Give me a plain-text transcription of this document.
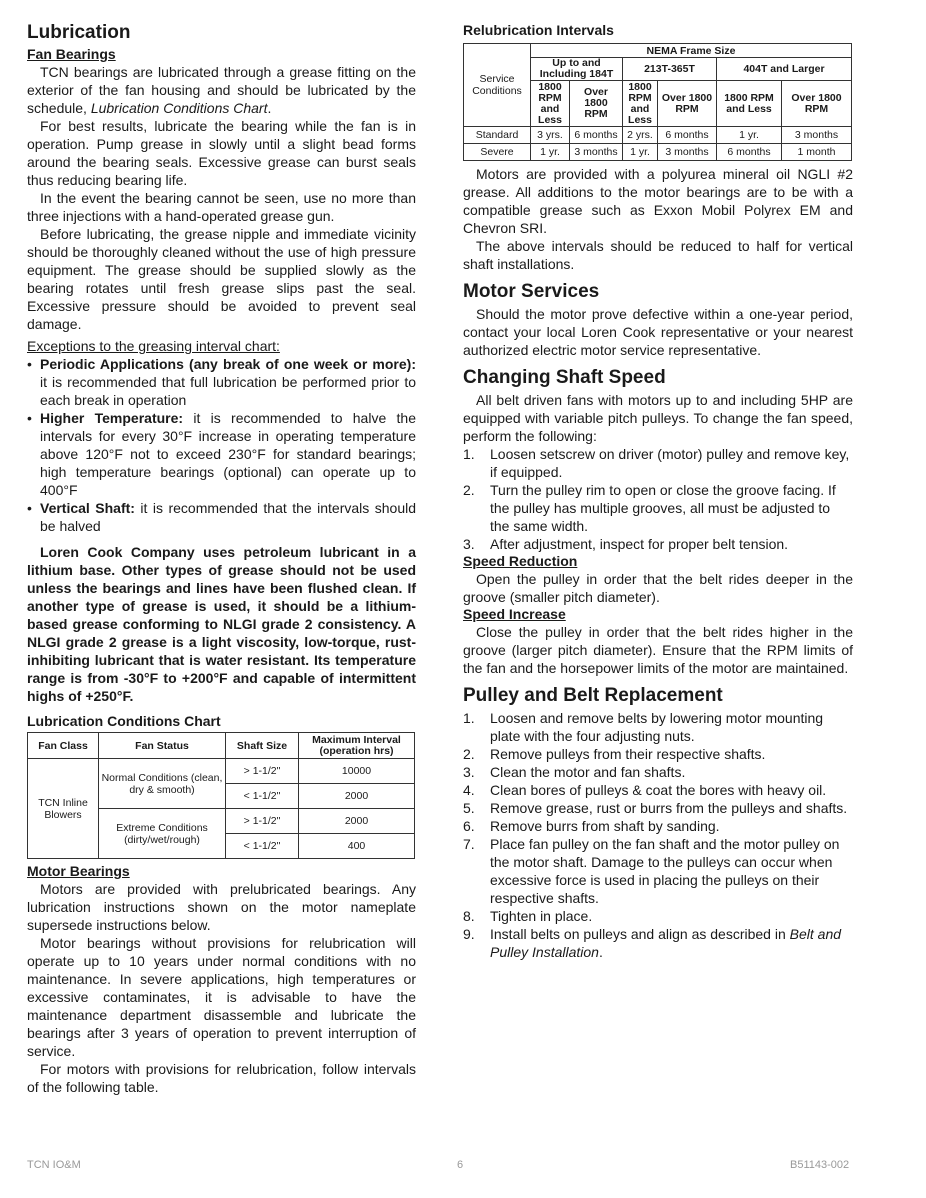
Lubrication
Fan Bearings

TCN bearings are lubricated through a grease fitting on the exterior of the fan housing and should be lubricated by the schedule, Lubrication Conditions Chart.

For best results, lubricate the bearing while the fan is in operation. Pump grease in slowly until a slight bead forms around the bearing seals. Excessive grease can burst seals thus reducing bearing life.

In the event the bearing cannot be seen, use no more than three injections with a hand-operated grease gun.

Before lubricating, the grease nipple and immediate vicinity should be thoroughly cleaned without the use of high pressure equipment. The grease should be supplied slowly as the bearing rotates until fresh grease slips past the seal. Excessive pressure should be avoided to prevent seal damage.

Exceptions to the greasing interval chart:
• Periodic Applications (any break of one week or more): it is recommended that full lubrication be performed prior to each break in operation
• Higher Temperature: it is recommended to halve the intervals for every 30°F increase in operating temperature above 120°F not to exceed 230°F for standard bearings; high temperature bearings (optional) can operate up to 400°F
• Vertical Shaft: it is recommended that the intervals should be halved

Loren Cook Company uses petroleum lubricant in a lithium base. Other types of grease should not be used unless the bearings and lines have been flushed clean. If another type of grease is used, it should be a lithium-based grease conforming to NLGI grade 2 consistency. A NLGI grade 2 grease is a light viscosity, low-torque, rust-inhibiting lubricant that is water resistant. Its temperature range is from -30°F to +200°F and capable of intermittent highs of +250°F.

Lubrication Conditions Chart
Fan Class	Fan Status	Shaft Size	Maximum Interval (operation hrs)
TCN Inline Blowers	Normal Conditions (clean, dry & smooth)	> 1-1/2"	10000
		< 1-1/2"	2000
	Extreme Conditions (dirty/wet/rough)	> 1-1/2"	2000
		< 1-1/2"	400
Motor Bearings

Motors are provided with prelubricated bearings. Any lubrication instructions shown on the motor nameplate supersede instructions below.

Motor bearings without provisions for relubrication will operate up to 10 years under normal conditions with no maintenance. In severe applications, high temperatures or excessive contaminates, it is advisable to have the maintenance department disassemble and lubricate the bearings after 3 years of operation to prevent interruption of service.

For motors with provisions for relubrication, follow intervals of the following table.

Relubrication Intervals
Service Conditions	NEMA Frame Size					
	Up to and Including 184T		213T-365T		404T and Larger	
	1800 RPM and Less	Over 1800 RPM	1800 RPM and Less	Over 1800 RPM	1800 RPM and Less	Over 1800 RPM
Standard	3 yrs.	6 months	2 yrs.	6 months	1 yr.	3 months
Severe	1 yr.	3 months	1 yr.	3 months	6 months	1 month

Motors are provided with a polyurea mineral oil NGLI #2 grease. All additions to the motor bearings are to be with a compatible grease such as Exxon Mobil Polyrex EM and Chevron SRI.

The above intervals should be reduced to half for vertical shaft installations.

Motor Services

Should the motor prove defective within a one-year period, contact your local Loren Cook representative or your nearest authorized electric motor service representative.

Changing Shaft Speed

All belt driven fans with motors up to and including 5HP are equipped with variable pitch pulleys. To change the fan speed, perform the following:

1. Loosen setscrew on driver (motor) pulley and remove key, if equipped.
2. Turn the pulley rim to open or close the groove facing. If the pulley has multiple grooves, all must be adjusted to the same width.
3. After adjustment, inspect for proper belt tension.
Speed Reduction

Open the pulley in order that the belt rides deeper in the groove (smaller pitch diameter).

Speed Increase

Close the pulley in order that the belt rides higher in the groove (larger pitch diameter). Ensure that the RPM limits of the fan and the horsepower limits of the motor are maintained.

Pulley and Belt Replacement
1. Loosen and remove belts by lowering motor mounting plate with the four adjusting nuts.
2. Remove pulleys from their respective shafts.
3. Clean the motor and fan shafts.
4. Clean bores of pulleys & coat the bores with heavy oil.
5. Remove grease, rust or burrs from the pulleys and shafts.
6. Remove burrs from shaft by sanding.
7. Place fan pulley on the fan shaft and the motor pulley on the motor shaft. Damage to the pulleys can occur when excessive force is used in placing the pulleys on their respective shafts.
8. Tighten in place.
9. Install belts on pulleys and align as described in Belt and Pulley Installation.
TCN IO&M	6	B51143-002
